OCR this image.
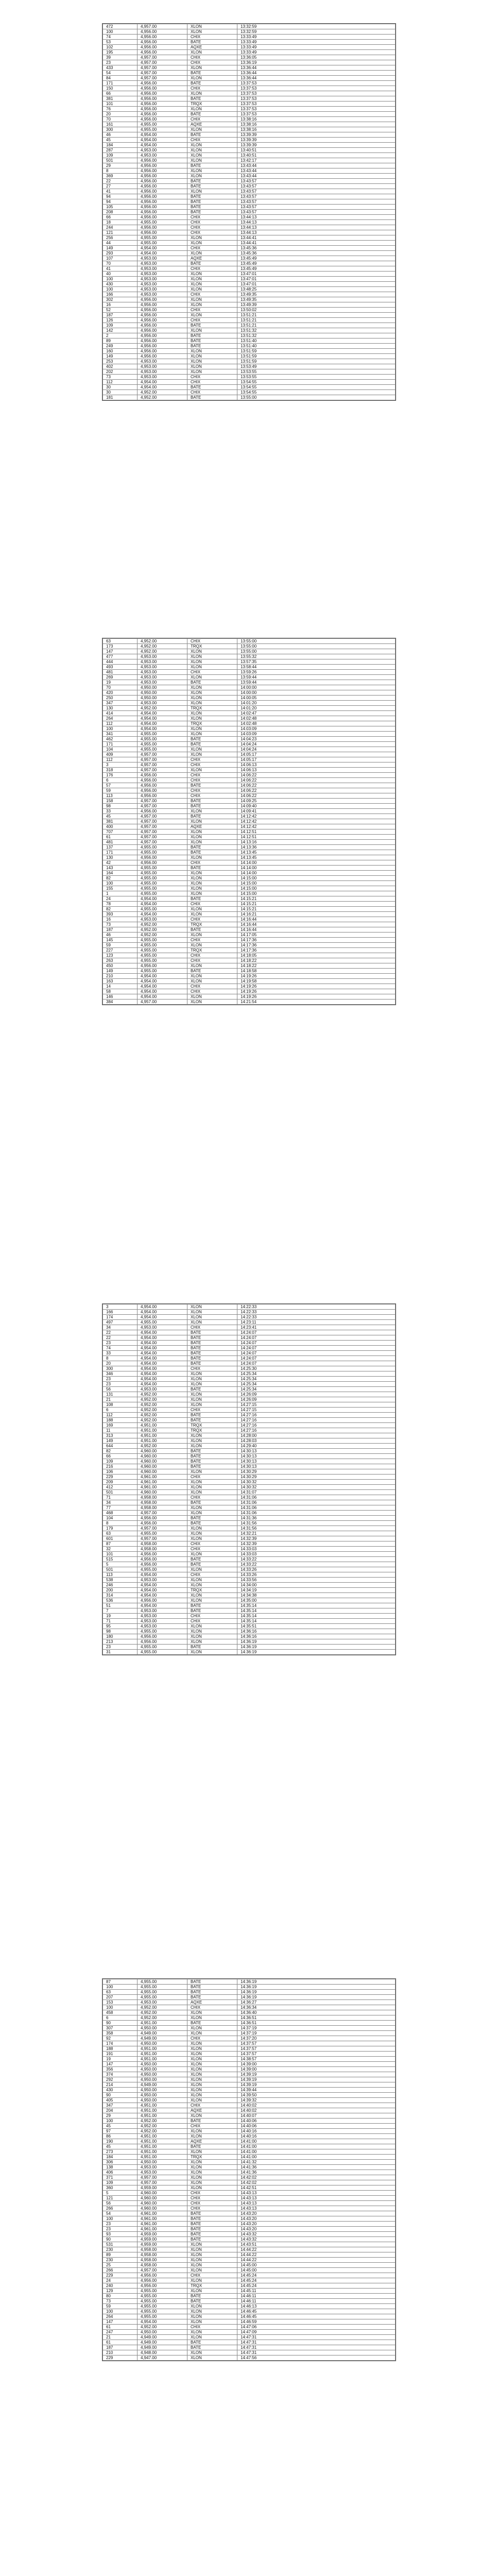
472	4,957.00	XLON	13:32:59
100	4,956.00	XLON	13:32:59
74	4,956.00	CHIX	13:33:49
53	4,956.00	BATE	13:33:49
102	4,956.00	AQXE	13:33:49
195	4,956.00	XLON	13:33:49
39	4,957.00	CHIX	13:36:05
23	4,957.00	CHIX	13:36:19
433	4,957.00	XLON	13:36:44
54	4,957.00	BATE	13:36:44
84	4,957.00	XLON	13:36:44
171	4,956.00	BATE	13:37:53
150	4,956.00	CHIX	13:37:53
66	4,956.00	XLON	13:37:53
381	4,956.00	BATE	13:37:53
101	4,956.00	TRQX	13:37:53
76	4,956.00	XLON	13:37:53
20	4,956.00	BATE	13:37:53
70	4,956.00	CHIX	13:38:16
161	4,955.00	AQXE	13:38:16
300	4,955.00	XLON	13:38:16
46	4,954.00	BATE	13:39:39
45	4,954.00	CHIX	13:39:39
184	4,954.00	XLON	13:39:39
287	4,953.00	XLON	13:40:51
109	4,953.00	XLON	13:40:51
501	4,956.00	XLON	13:42:17
29	4,956.00	BATE	13:43:44
8	4,956.00	XLON	13:43:44
369	4,956.00	XLON	13:43:44
22	4,956.00	BATE	13:43:57
27	4,956.00	BATE	13:43:57
41	4,956.00	XLON	13:43:57
94	4,956.00	BATE	13:43:57
94	4,956.00	BATE	13:43:57
105	4,956.00	BATE	13:43:57
208	4,956.00	BATE	13:43:57
66	4,956.00	CHIX	13:44:13
18	4,955.00	CHIX	13:44:13
244	4,956.00	CHIX	13:44:13
121	4,956.00	CHIX	13:44:13
256	4,955.00	XLON	13:44:41
44	4,955.00	XLON	13:44:41
149	4,954.00	CHIX	13:45:36
293	4,954.00	XLON	13:45:36
107	4,953.00	AQXE	13:45:49
70	4,953.00	BATE	13:45:49
41	4,953.00	CHIX	13:45:49
40	4,953.00	XLON	13:47:01
100	4,953.00	XLON	13:47:01
430	4,953.00	XLON	13:47:01
100	4,953.00	XLON	13:48:25
166	4,953.00	CHIX	13:49:35
302	4,956.00	XLON	13:49:35
16	4,956.00	XLON	13:49:39
52	4,956.00	CHIX	13:50:02
187	4,956.00	XLON	13:51:21
126	4,956.00	CHIX	13:51:21
109	4,956.00	BATE	13:51:21
142	4,956.00	XLON	13:51:32
2	4,956.00	BATE	13:51:32
89	4,956.00	BATE	13:51:40
249	4,956.00	BATE	13:51:40
160	4,956.00	XLON	13:51:59
149	4,956.00	XLON	13:51:59
253	4,953.00	XLON	13:51:59
402	4,953.00	XLON	13:53:49
202	4,953.00	XLON	13:53:55
73	4,953.00	CHIX	13:53:55
112	4,954.00	CHIX	13:54:55
30	4,954.00	BATE	13:54:55
30	4,952.00	CHIX	13:54:55
181	4,952.00	BATE	13:55:00
63	4,952.00	CHIX	13:55:00
173	4,952.00	TRQX	13:55:00
147	4,952.00	XLON	13:55:00
477	4,953.00	XLON	13:55:32
444	4,953.00	XLON	13:57:35
493	4,953.00	XLON	13:58:44
481	4,953.00	CHIX	13:59:26
269	4,953.00	XLON	13:59:44
19	4,953.00	BATE	13:59:44
70	4,950.00	XLON	14:00:00
420	4,950.00	XLON	14:00:00
250	4,950.00	XLON	14:00:05
347	4,953.00	XLON	14:01:20
130	4,952.00	TRQX	14:01:20
414	4,954.00	XLON	14:02:47
264	4,954.00	XLON	14:02:48
112	4,954.00	TRQX	14:02:48
100	4,954.00	XLON	14:03:09
341	4,955.00	XLON	14:03:09
462	4,955.00	BATE	14:04:23
171	4,955.00	BATE	14:04:24
104	4,955.00	XLON	14:04:24
409	4,957.00	XLON	14:05:17
112	4,957.00	CHIX	14:05:17
3	4,957.00	CHIX	14:06:13
318	4,957.00	XLON	14:06:13
176	4,956.00	CHIX	14:06:22
6	4,956.00	CHIX	14:06:22
57	4,956.00	BATE	14:06:22
59	4,956.00	CHIX	14:06:22
113	4,956.00	CHIX	14:06:22
158	4,957.00	BATE	14:09:25
98	4,957.00	BATE	14:09:40
33	4,956.00	XLON	14:09:41
45	4,957.00	BATE	14:12:42
381	4,957.00	XLON	14:12:42
400	4,957.00	AQXE	14:12:42
707	4,957.00	XLON	14:12:51
61	4,957.00	XLON	14:12:51
481	4,957.00	XLON	14:13:16
137	4,955.00	BATE	14:13:36
171	4,955.00	BATE	14:13:45
130	4,956.00	XLON	14:13:45
42	4,956.00	CHIX	14:14:00
143	4,955.00	BATE	14:14:00
164	4,955.00	XLON	14:14:00
82	4,955.00	XLON	14:15:00
100	4,955.00	XLON	14:15:00
155	4,955.00	XLON	14:15:00
1	4,955.00	XLON	14:15:00
24	4,954.00	BATE	14:15:21
78	4,954.00	CHIX	14:15:21
82	4,955.00	XLON	14:15:21
393	4,954.00	XLON	14:16:21
16	4,953.00	CHIX	14:16:44
73	4,952.00	TRQX	14:16:44
187	4,952.00	BATE	14:16:44
46	4,952.00	XLON	14:17:05
145	4,955.00	CHIX	14:17:36
59	4,955.00	XLON	14:17:36
227	4,955.00	TRQX	14:17:36
123	4,955.00	CHIX	14:18:05
263	4,955.00	CHIX	14:18:22
450	4,956.00	XLON	14:18:22
149	4,955.00	BATE	14:18:58
210	4,954.00	XLON	14:19:26
163	4,954.00	XLON	14:19:58
14	4,954.00	CHIX	14:19:26
58	4,954.00	CHIX	14:19:26
146	4,954.00	XLON	14:19:26
384	4,957.00	XLON	14:21:54
3	4,954.00	XLON	14:22:33
166	4,954.00	XLON	14:22:33
174	4,954.00	XLON	14:22:33
497	4,955.00	XLON	14:23:11
34	4,953.00	CHIX	14:23:41
22	4,954.00	BATE	14:24:07
22	4,954.00	BATE	14:24:07
23	4,954.00	BATE	14:24:07
74	4,954.00	BATE	14:24:07
33	4,954.00	BATE	14:24:07
8	4,954.00	BATE	14:24:07
20	4,954.00	BATE	14:24:07
300	4,954.00	CHIX	14:25:30
346	4,954.00	XLON	14:25:34
23	4,954.00	XLON	14:25:34
23	4,954.00	XLON	14:25:34
56	4,953.00	BATE	14:25:34
131	4,952.00	XLON	14:26:09
21	4,952.00	XLON	14:26:09
108	4,952.00	XLON	14:27:15
6	4,952.00	CHIX	14:27:15
112	4,952.00	BATE	14:27:16
188	4,952.00	BATE	14:27:16
169	4,951.00	TRQX	14:27:16
11	4,951.00	TRQX	14:27:16
313	4,951.00	XLON	14:28:00
149	4,951.00	XLON	14:28:03
644	4,952.00	XLON	14:29:40
82	4,960.00	BATE	14:30:13
66	4,960.00	BATE	14:30:13
109	4,960.00	BATE	14:30:13
216	4,960.00	BATE	14:30:13
106	4,960.00	XLON	14:30:29
229	4,961.00	CHIX	14:30:29
209	4,961.00	XLON	14:30:32
412	4,961.00	XLON	14:30:32
501	4,960.00	XLON	14:31:07
71	4,958.00	CHIX	14:31:06
34	4,958.00	BATE	14:31:06
77	4,958.00	XLON	14:31:06
468	4,957.00	XLON	14:31:06
104	4,956.00	BATE	14:31:36
8	4,956.00	BATE	14:31:56
179	4,957.00	XLON	14:31:56
63	4,955.00	XLON	14:32:21
601	4,957.00	XLON	14:32:39
87	4,958.00	CHIX	14:32:39
32	4,958.00	CHIX	14:33:03
101	4,956.00	XLON	14:33:03
515	4,956.00	BATE	14:33:22
5	4,956.00	BATE	14:33:22
501	4,955.00	XLON	14:33:26
113	4,954.00	CHIX	14:33:26
538	4,953.00	XLON	14:33:56
246	4,954.00	XLON	14:34:00
200	4,954.00	TRQX	14:34:19
314	4,954.00	XLON	14:34:38
536	4,956.00	XLON	14:35:00
51	4,954.00	BATE	14:35:14
7	4,953.00	BATE	14:35:14
19	4,953.00	CHIX	14:35:14
71	4,953.00	CHIX	14:35:14
95	4,953.00	XLON	14:35:51
98	4,955.00	XLON	14:36:16
180	4,956.00	XLON	14:36:16
213	4,956.00	XLON	14:36:19
23	4,955.00	BATE	14:36:19
31	4,955.00	XLON	14:36:19
87	4,955.00	BATE	14:36:19
100	4,955.00	BATE	14:36:19
63	4,955.00	BATE	14:36:19
207	4,955.00	BATE	14:36:19
153	4,953.00	AQXE	14:36:27
100	4,952.00	CHIX	14:36:34
458	4,952.00	XLON	14:36:40
6	4,952.00	XLON	14:36:51
90	4,951.00	BATE	14:36:51
307	4,950.00	XLON	14:37:19
358	4,949.00	XLON	14:37:19
92	4,949.00	CHIX	14:37:20
174	4,950.00	XLON	14:37:57
188	4,951.00	XLON	14:37:57
191	4,951.00	XLON	14:37:57
19	4,951.00	XLON	14:38:57
147	4,950.00	XLON	14:39:00
356	4,950.00	XLON	14:39:00
374	4,950.00	XLON	14:39:19
292	4,950.00	XLON	14:39:19
214	4,949.00	XLON	14:39:19
430	4,950.00	XLON	14:39:44
90	4,950.00	XLON	14:39:50
405	4,950.00	XLON	14:39:32
347	4,951.00	CHIX	14:40:02
204	4,951.00	AQXE	14:40:02
29	4,951.00	XLON	14:40:07
100	4,952.00	BATE	14:40:06
45	4,952.00	CHIX	14:40:06
97	4,952.00	XLON	14:40:16
86	4,951.00	XLON	14:40:16
190	4,951.00	AQXE	14:41:00
45	4,951.00	BATE	14:41:00
273	4,951.00	XLON	14:41:00
184	4,951.00	TRQX	14:41:00
306	4,950.00	XLON	14:41:32
138	4,953.00	XLON	14:41:36
406	4,953.00	XLON	14:41:36
371	4,957.00	XLON	14:42:02
109	4,957.00	XLON	14:42:02
360	4,959.00	XLON	14:42:51
5	4,960.00	CHIX	14:43:13
121	4,960.00	CHIX	14:43:13
56	4,960.00	CHIX	14:43:13
266	4,960.00	CHIX	14:43:13
54	4,961.00	BATE	14:43:20
100	4,961.00	BATE	14:43:20
23	4,961.00	BATE	14:43:20
23	4,961.00	BATE	14:43:20
93	4,959.00	BATE	14:43:32
90	4,959.00	BATE	14:43:32
531	4,959.00	XLON	14:43:51
230	4,958.00	XLON	14:44:22
89	4,958.00	XLON	14:44:22
230	4,958.00	XLON	14:44:22
25	4,958.00	XLON	14:45:00
266	4,957.00	XLON	14:45:00
229	4,956.00	CHIX	14:45:24
24	4,956.00	XLON	14:45:24
240	4,956.00	TRQX	14:45:24
129	4,955.00	XLON	14:45:11
80	4,955.00	BATE	14:46:11
73	4,955.00	BATE	14:46:11
59	4,955.00	XLON	14:46:13
100	4,955.00	XLON	14:46:45
264	4,955.00	XLON	14:46:45
147	4,954.00	XLON	14:46:59
61	4,952.00	CHIX	14:47:06
247	4,950.00	XLON	14:47:09
21	4,949.00	XLON	14:47:31
61	4,949.00	BATE	14:47:31
187	4,949.00	BATE	14:47:31
210	4,948.00	XLON	14:47:31
229	4,947.00	XLON	14:47:56
